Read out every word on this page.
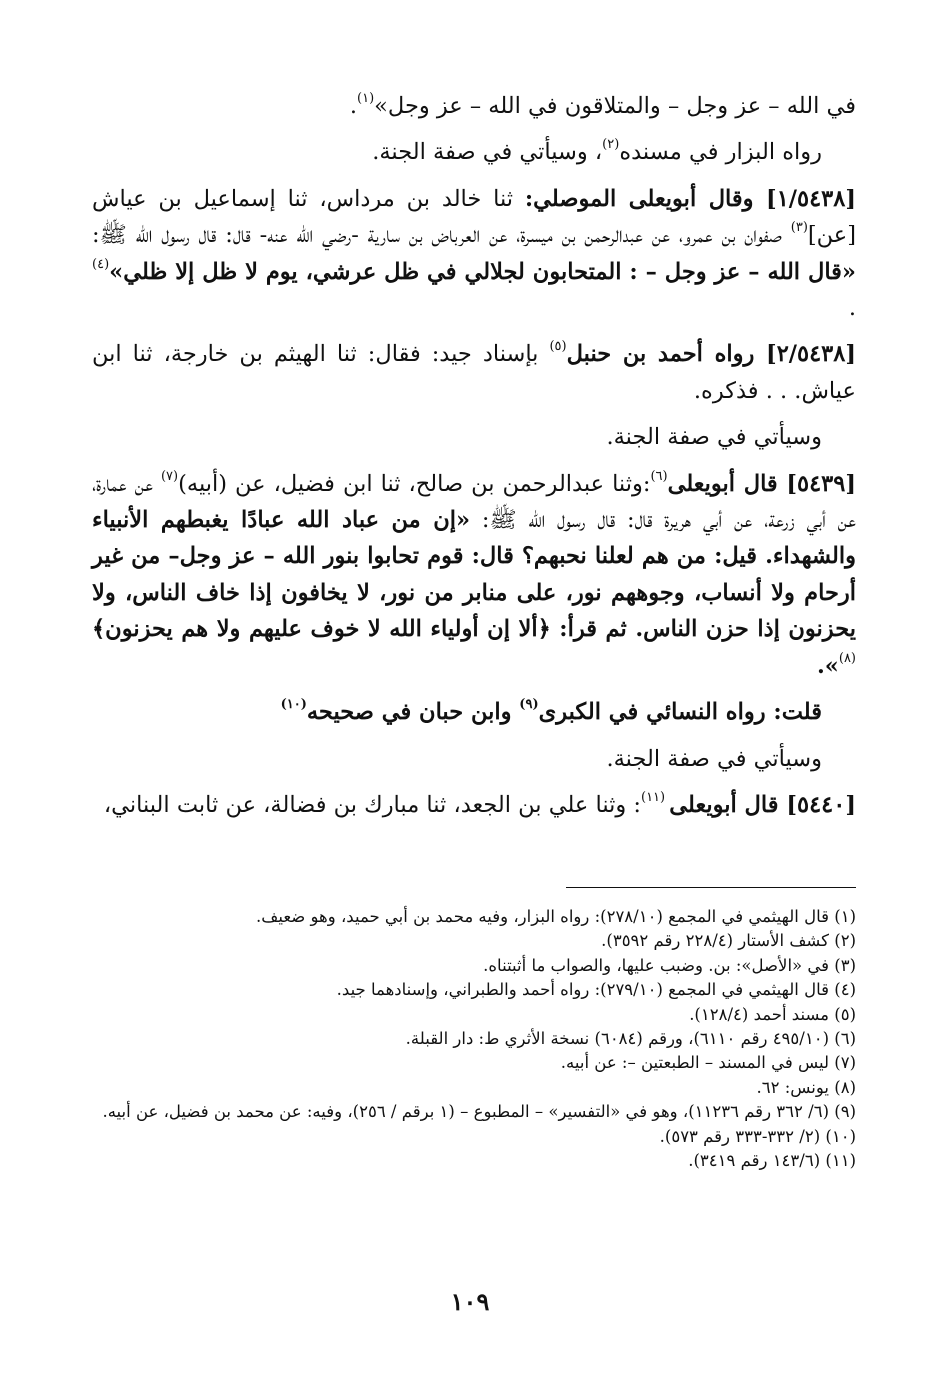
في الله – عز وجل – والمتلاقون في الله – عز وجل»$^{(١)}$.

رواه البزار في مسنده$^{(٢)}$، وسيأتي في صفة الجنة.

[١/٥٤٣٨] وقال أبويعلى الموصلي: ثنا خالد بن مرداس، ثنا إسماعيل بن عياش [عن]$^{(٣)}$ صفوان بن عمرو، عن عبدالرحمن بن ميسرة، عن العرباض بن سارية -رضي الله عنه- قال: قال رسول الله ﷺ: «قال الله – عز وجل – : المتحابون لجلالي في ظل عرشي، يوم لا ظل إلا ظلي»$^{(٤)}$ .

[٢/٥٤٣٨] رواه أحمد بن حنبل$^{(٥)}$ بإسناد جيد: فقال: ثنا الهيثم بن خارجة، ثنا ابن عياش. . . فذكره.

وسيأتي في صفة الجنة.

[٥٤٣٩] قال أبويعلى$^{(٦)}$:وثنا عبدالرحمن بن صالح، ثنا ابن فضيل، عن (أبيه)$^{(٧)}$ عن عمارة، عن أبي زرعة، عن أبي هريرة قال: قال رسول الله ﷺ: «إن من عباد الله عبادًا يغبطهم الأنبياء والشهداء. قيل: من هم لعلنا نحبهم؟ قال: قوم تحابوا بنور الله – عز وجل– من غير أرحام ولا أنساب، وجوههم نور، على منابر من نور، لا يخافون إذا خاف الناس، ولا يحزنون إذا حزن الناس. ثم قرأ: ﴿ألا إن أولياء الله لا خوف عليهم ولا هم يحزنون﴾$^{(٨)}$».

قلت: رواه النسائي في الكبرى$^{(٩)}$ وابن حبان في صحيحه$^{(١٠)}$

وسيأتي في صفة الجنة.

[٥٤٤٠] قال أبويعلى $^{(١١)}$: وثنا علي بن الجعد، ثنا مبارك بن فضالة، عن ثابت البناني،

(١) قال الهيثمي في المجمع (٢٧٨/١٠): رواه البزار، وفيه محمد بن أبي حميد، وهو ضعيف.

(٢) كشف الأستار (٢٢٨/٤ رقم ٣٥٩٢).

(٣) في «الأصل»: بن. وضبب عليها، والصواب ما أثبتناه.

(٤) قال الهيثمي في المجمع (٢٧٩/١٠): رواه أحمد والطبراني، وإسنادهما جيد.

(٥) مسند أحمد (١٢٨/٤).

(٦) (٤٩٥/١٠ رقم ٦١١٠)، ورقم (٦٠٨٤) نسخة الأثري ط: دار القبلة.

(٧) ليس في المسند – الطبعتين –: عن أبيه.

(٨) يونس: ٦٢.

(٩) (٦/ ٣٦٢ رقم ١١٢٣٦)، وهو في «التفسير» – المطبوع – (١ برقم / ٢٥٦)، وفيه: عن محمد بن فضيل، عن أبيه.

(١٠) (٢/ ٣٣٢-٣٣٣ رقم ٥٧٣).

(١١) (١٤٣/٦ رقم ٣٤١٩).

١٠٩
